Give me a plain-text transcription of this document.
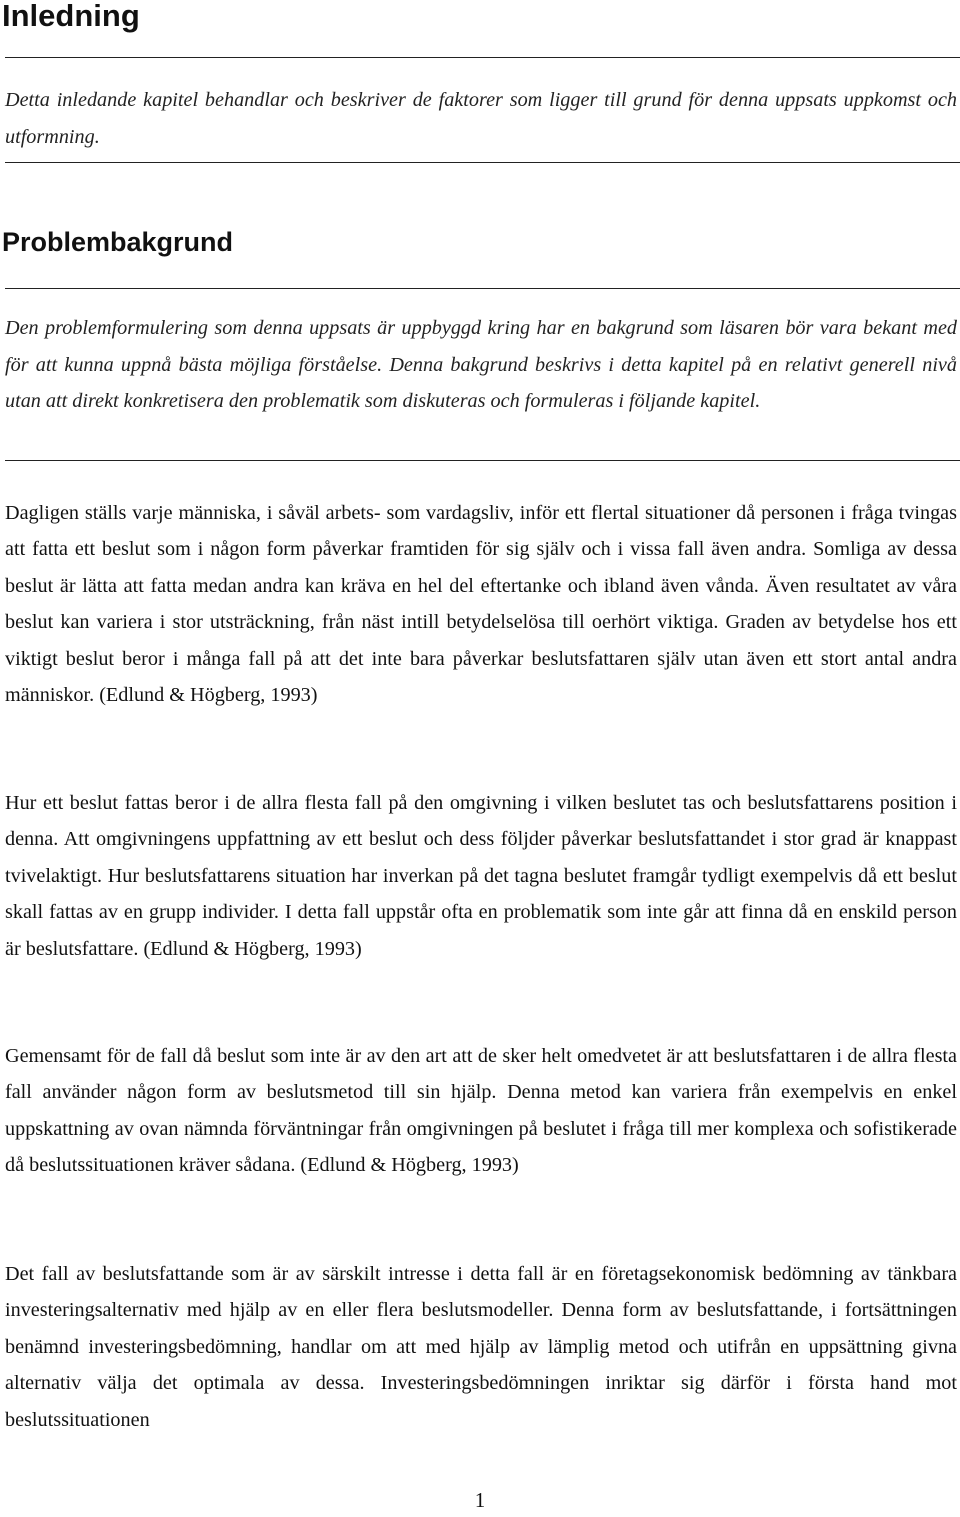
Inledning

Detta inledande kapitel behandlar och beskriver de faktorer som ligger till grund för denna uppsats uppkomst och utformning.

Problembakgrund

Den problemformulering som denna uppsats är uppbyggd kring har en bakgrund som läsaren bör vara bekant med för att kunna uppnå bästa möjliga förståelse. Denna bakgrund beskrivs i detta kapitel på en relativt generell nivå utan att direkt konkretisera den problematik som diskuteras och formuleras i följande kapitel.

Dagligen ställs varje människa, i såväl arbets- som vardagsliv, inför ett flertal situationer då personen i fråga tvingas att fatta ett beslut som i någon form påverkar framtiden för sig själv och i vissa fall även andra. Somliga av dessa beslut är lätta att fatta medan andra kan kräva en hel del eftertanke och ibland även vånda. Även resultatet av våra beslut kan variera i stor utsträckning, från näst intill betydelselösa till oerhört viktiga. Graden av betydelse hos ett viktigt beslut beror i många fall på att det inte bara påverkar beslutsfattaren själv utan även ett stort antal andra människor. (Edlund & Högberg, 1993)

Hur ett beslut fattas beror i de allra flesta fall på den omgivning i vilken beslutet tas och beslutsfattarens position i denna. Att omgivningens uppfattning av ett beslut och dess följder påverkar beslutsfattandet i stor grad är knappast tvivelaktigt. Hur beslutsfattarens situation har inverkan på det tagna beslutet framgår tydligt exempelvis då ett beslut skall fattas av en grupp individer. I detta fall uppstår ofta en problematik som inte går att finna då en enskild person är beslutsfattare. (Edlund & Högberg, 1993)

Gemensamt för de fall då beslut som inte är av den art att de sker helt omedvetet är att beslutsfattaren i de allra flesta fall använder någon form av beslutsmetod till sin hjälp. Denna metod kan variera från exempelvis en enkel uppskattning av ovan nämnda förväntningar från omgivningen på beslutet i fråga till mer komplexa och sofistikerade då beslutssituationen kräver sådana. (Edlund & Högberg, 1993)

Det fall av beslutsfattande som är av särskilt intresse i detta fall är en företagsekonomisk bedömning av tänkbara investeringsalternativ med hjälp av en eller flera beslutsmodeller. Denna form av beslutsfattande, i fortsättningen benämnd investeringsbedömning, handlar om att med hjälp av lämplig metod och utifrån en uppsättning givna alternativ välja det optimala av dessa. Investeringsbedömningen inriktar sig därför i första hand mot beslutssituationen

1
